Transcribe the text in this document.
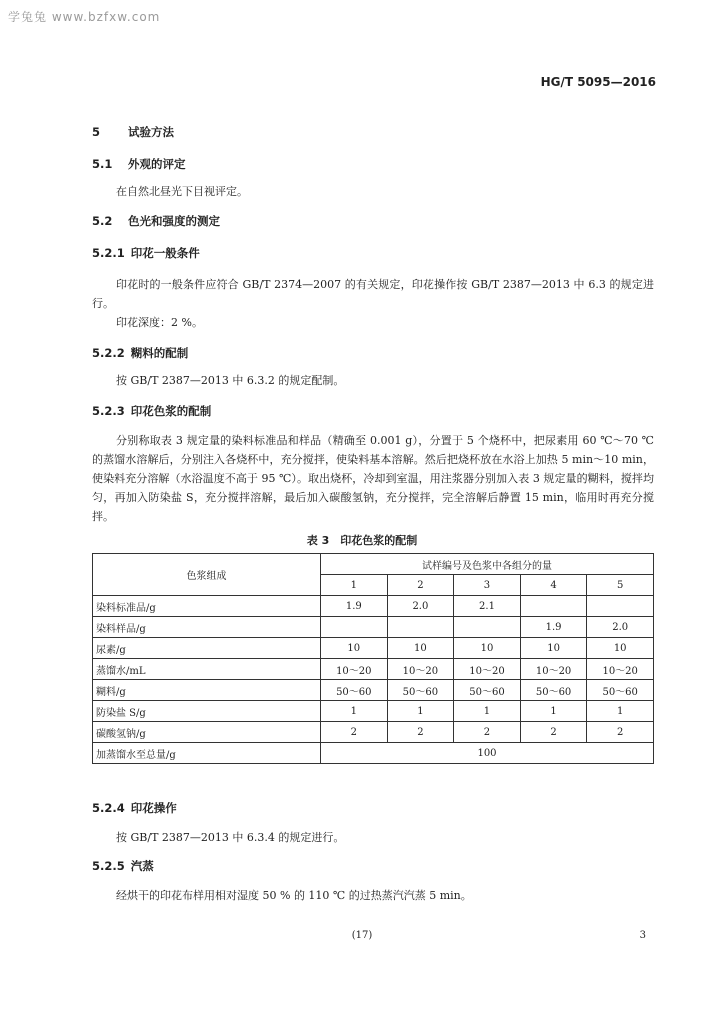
学兔兔 www.bzfxw.com
HG/T 5095—2016
5 试验方法
5.1 外观的评定
在自然北昼光下目视评定。
5.2 色光和强度的测定
5.2.1 印花一般条件
印花时的一般条件应符合 GB/T 2374—2007 的有关规定，印花操作按 GB/T 2387—2013 中 6.3 的规定进行。
印花深度：2 %。
5.2.2 糊料的配制
按 GB/T 2387—2013 中 6.3.2 的规定配制。
5.2.3 印花色浆的配制
分别称取表 3 规定量的染料标准品和样品（精确至 0.001 g），分置于 5 个烧杯中，把尿素用 60 ℃～70 ℃的蒸馏水溶解后，分别注入各烧杯中，充分搅拌，使染料基本溶解。然后把烧杯放在水浴上加热 5 min～10 min，使染料充分溶解（水浴温度不高于 95 ℃）。取出烧杯，冷却到室温，用注浆器分别加入表 3 规定量的糊料，搅拌均匀，再加入防染盐 S，充分搅拌溶解，最后加入碳酸氢钠，充分搅拌，完全溶解后静置 15 min，临用时再充分搅拌。
表 3　印花色浆的配制
色浆组成	试样编号及色浆中各组分的量				
	1	2	3	4	5
染料标准品/g	1.9	2.0	2.1		
染料样品/g				1.9	2.0
尿素/g	10	10	10	10	10
蒸馏水/mL	10～20	10～20	10～20	10～20	10～20
糊料/g	50～60	50～60	50～60	50～60	50～60
防染盐 S/g	1	1	1	1	1
碳酸氢钠/g	2	2	2	2	2
加蒸馏水至总量/g	100				
5.2.4 印花操作
按 GB/T 2387—2013 中 6.3.4 的规定进行。
5.2.5 汽蒸
经烘干的印花布样用相对湿度 50 % 的 110 ℃ 的过热蒸汽汽蒸 5 min。
(17)	3
